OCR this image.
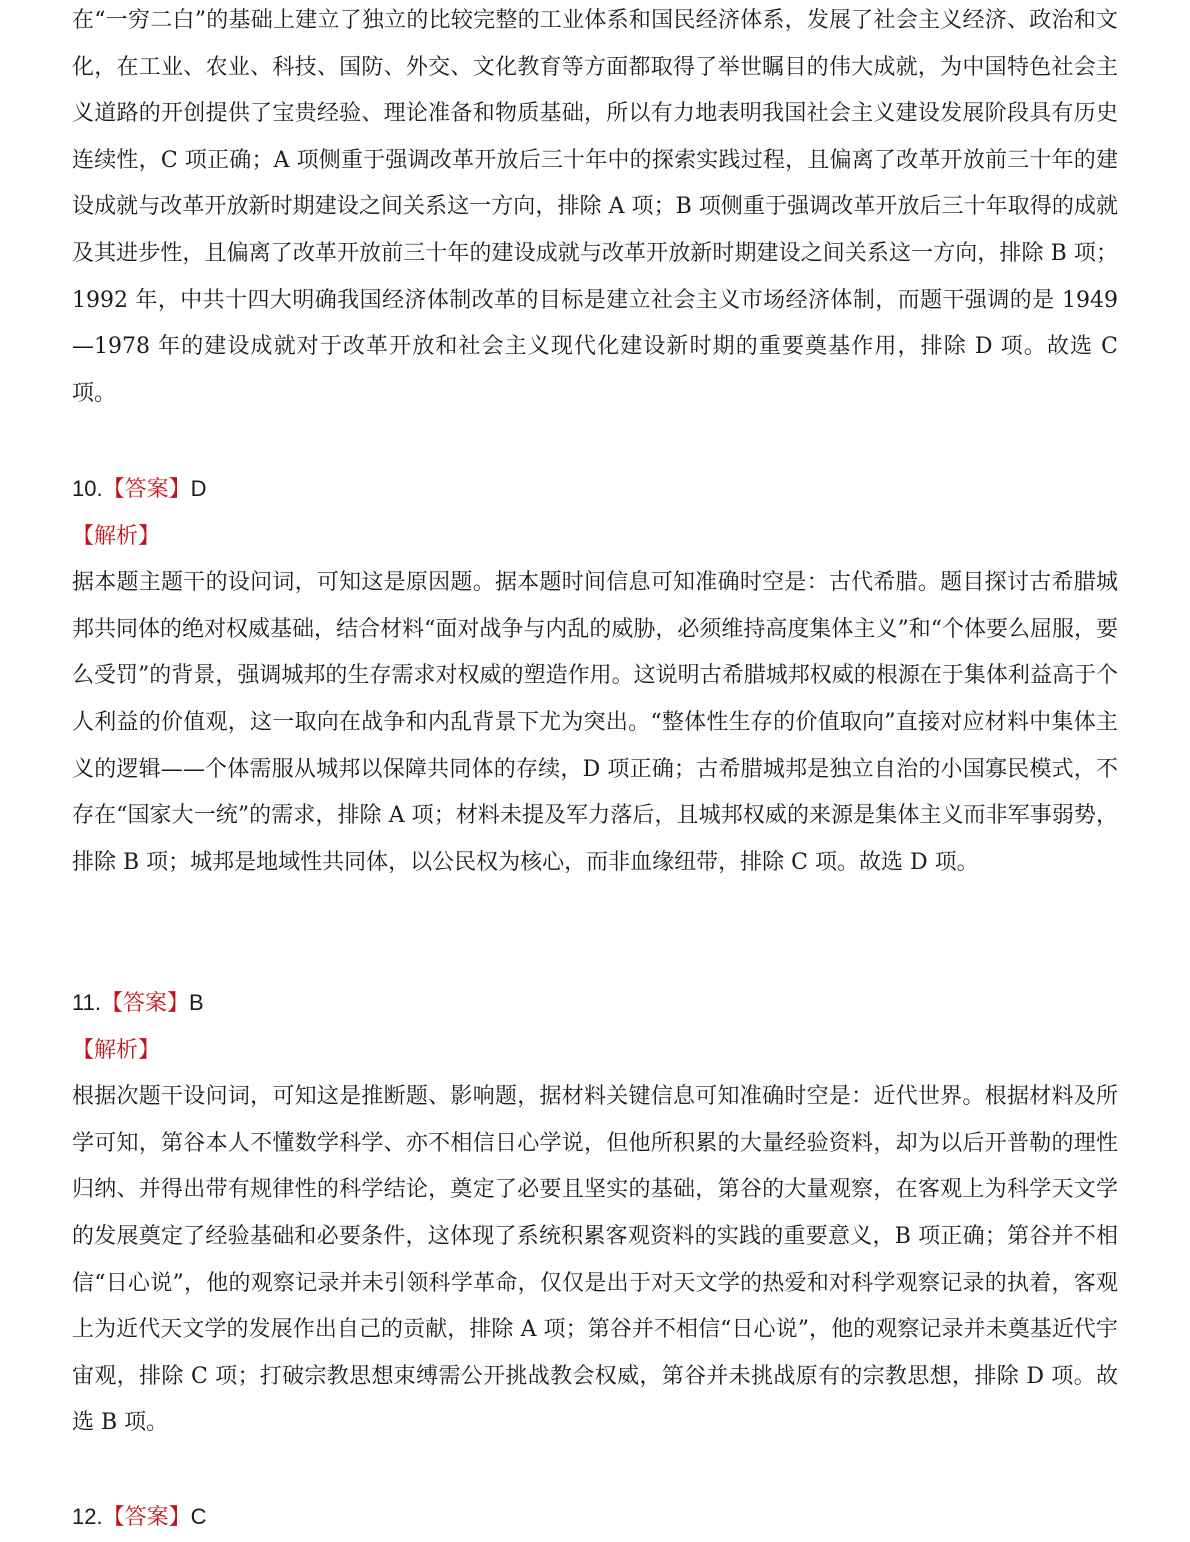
在“一穷二白”的基础上建立了独立的比较完整的工业体系和国民经济体系，发展了社会主义经济、政治和文化，在工业、农业、科技、国防、外交、文化教育等方面都取得了举世瞩目的伟大成就，为中国特色社会主义道路的开创提供了宝贵经验、理论准备和物质基础，所以有力地表明我国社会主义建设发展阶段具有历史连续性，C 项正确；A 项侧重于强调改革开放后三十年中的探索实践过程，且偏离了改革开放前三十年的建设成就与改革开放新时期建设之间关系这一方向，排除 A 项；B 项侧重于强调改革开放后三十年取得的成就及其进步性，且偏离了改革开放前三十年的建设成就与改革开放新时期建设之间关系这一方向，排除 B 项；1992 年，中共十四大明确我国经济体制改革的目标是建立社会主义市场经济体制，而题干强调的是 1949—1978 年的建设成就对于改革开放和社会主义现代化建设新时期的重要奠基作用，排除 D 项。故选 C 项。

10.【答案】D

【解析】

据本题主题干的设问词，可知这是原因题。据本题时间信息可知准确时空是：古代希腊。题目探讨古希腊城邦共同体的绝对权威基础，结合材料“面对战争与内乱的威胁，必须维持高度集体主义”和“个体要么屈服，要么受罚”的背景，强调城邦的生存需求对权威的塑造作用。这说明古希腊城邦权威的根源在于集体利益高于个人利益的价值观，这一取向在战争和内乱背景下尤为突出。“整体性生存的价值取向”直接对应材料中集体主义的逻辑——个体需服从城邦以保障共同体的存续，D 项正确；古希腊城邦是独立自治的小国寡民模式，不存在“国家大一统”的需求，排除 A 项；材料未提及军力落后，且城邦权威的来源是集体主义而非军事弱势，排除 B 项；城邦是地域性共同体，以公民权为核心，而非血缘纽带，排除 C 项。故选 D 项。

11.【答案】B

【解析】

根据次题干设问词，可知这是推断题、影响题，据材料关键信息可知准确时空是：近代世界。根据材料及所学可知，第谷本人不懂数学科学、亦不相信日心学说，但他所积累的大量经验资料，却为以后开普勒的理性归纳、并得出带有规律性的科学结论，奠定了必要且坚实的基础，第谷的大量观察，在客观上为科学天文学的发展奠定了经验基础和必要条件，这体现了系统积累客观资料的实践的重要意义，B 项正确；第谷并不相信“日心说”，他的观察记录并未引领科学革命，仅仅是出于对天文学的热爱和对科学观察记录的执着，客观上为近代天文学的发展作出自己的贡献，排除 A 项；第谷并不相信“日心说”，他的观察记录并未奠基近代宇宙观，排除 C 项；打破宗教思想束缚需公开挑战教会权威，第谷并未挑战原有的宗教思想，排除 D 项。故选 B 项。

12.【答案】C
